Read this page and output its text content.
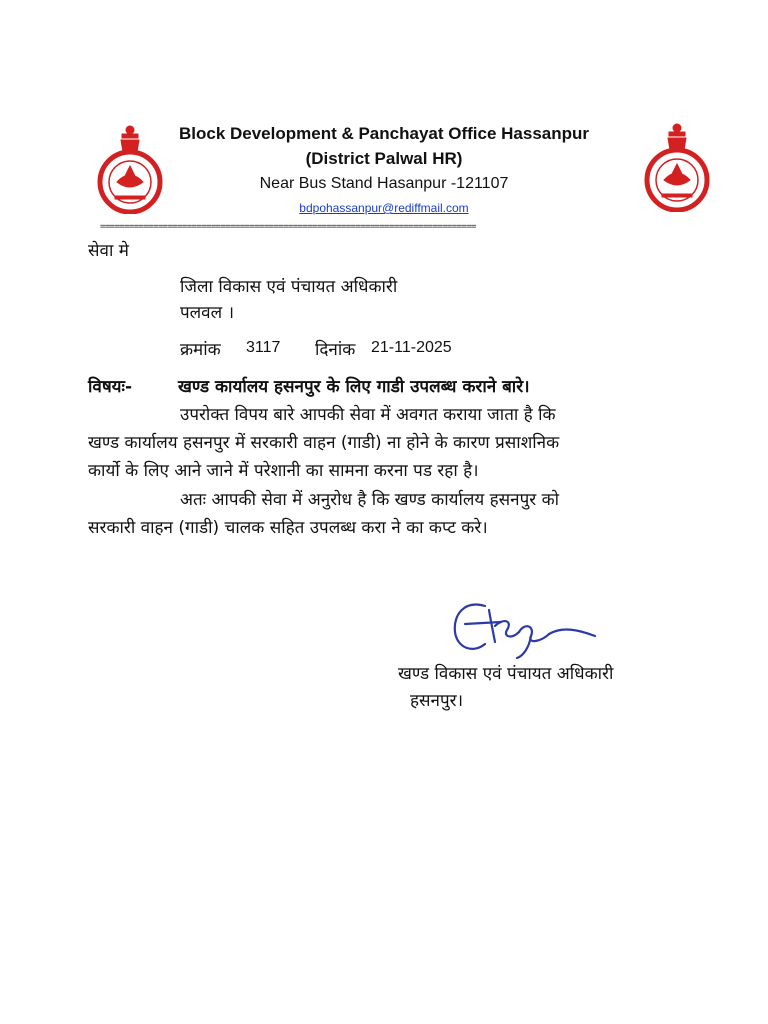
Block Development & Panchayat Office Hassanpur
(District Palwal HR)
Near Bus Stand Hasanpur -121107
bdpohassanpur@rediffmail.com
==============================================================================
सेवा मे
जिला विकास एवं पंचायत अधिकारी
पलवल ।
क्रमांक 3117 दिनांक 21-11-2025
विषयः-	खण्ड कार्यालय हसनपुर के लिए गाडी उपलब्ध कराने बारे।
उपरोक्त विपय बारे आपकी सेवा में अवगत कराया जाता है कि
खण्ड कार्यालय हसनपुर में सरकारी वाहन (गाडी) ना होने के कारण प्रसाशनिक
कार्यो के लिए आने जाने में परेशानी का सामना करना पड रहा है।
अतः आपकी सेवा में अनुरोध है कि खण्ड कार्यालय हसनपुर को
सरकारी वाहन (गाडी) चालक सहित उपलब्ध करा ने का कप्ट करे।
खण्ड विकास एवं पंचायत अधिकारी
हसनपुर।
